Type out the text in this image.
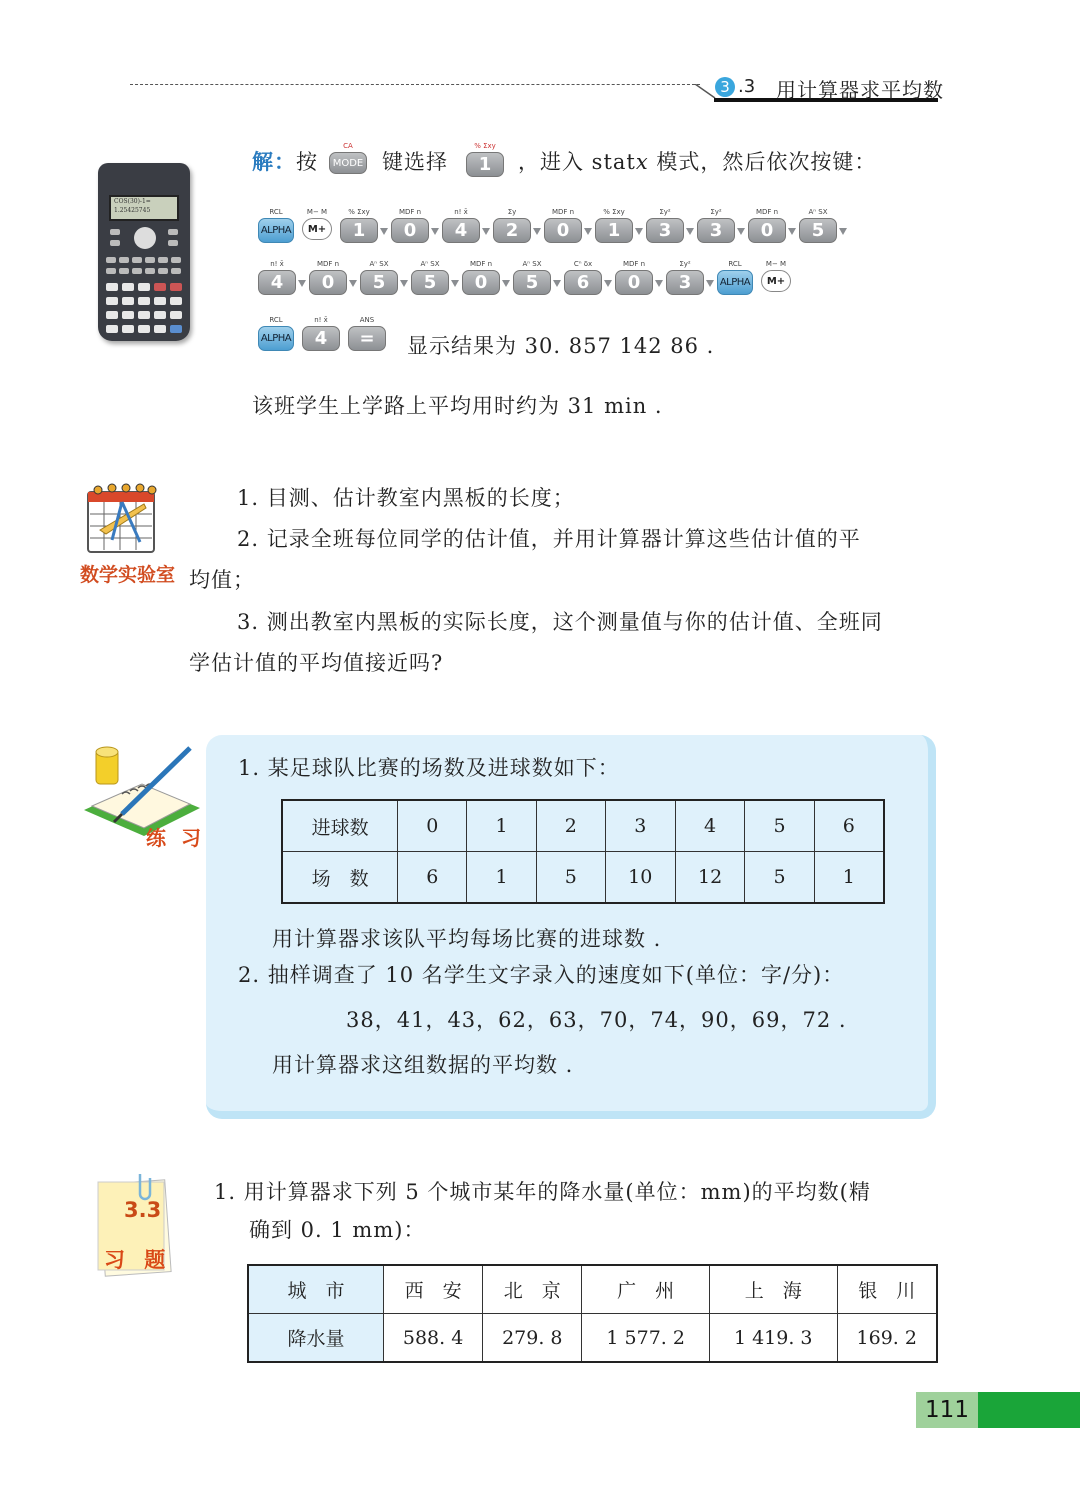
3 .3 用计算器求平均数
COS(30)-1=
1.25425745
解：按
CA
MODE 键选择
% Σxy
1	，进入 statx 模式，然后依次按键：
RCL
ALPHA
M− M
M+
% Σxy
1
MDF n
0
n! x̄
4
Σy
2
MDF n
0
% Σxy
1
Σy²
3
Σy²
3
MDF n
0
Aⁿ SX
5
n! x̄
4
MDF n
0
Aⁿ SX
5
Aⁿ SX
5
MDF n
0
Aⁿ SX
5
Cⁿ δx
6
MDF n
0
Σy²
3
RCL
ALPHA
M− M
M+
RCL
ALPHA
n! x̄
4
ANS
=	显示结果为 30. 857 142 86 .
该班学生上学路上平均用时约为 31 min .
数学实验室
1. 目测、估计教室内黑板的长度；
2. 记录全班每位同学的估计值，并用计算器计算这些估计值的平
均值；
3. 测出教室内黑板的实际长度，这个测量值与你的估计值、全班同
学估计值的平均值接近吗?
练 习
1. 某足球队比赛的场数及进球数如下：
进球数	0	1	2	3	4	5	6
场　数	6	1	5	10	12	5	1
用计算器求该队平均每场比赛的进球数 .
2. 抽样调查了 10 名学生文字录入的速度如下(单位：字/分)：
38，41，43，62，63，70，74，90，69，72 .
用计算器求这组数据的平均数 .
3.3
习 题
1. 用计算器求下列 5 个城市某年的降水量(单位：mm)的平均数(精
确到 0. 1 mm)：
城　市	西　安	北　京	广　州	上　海	银　川
降水量	588. 4	279. 8	1 577. 2	1 419. 3	169. 2
111
